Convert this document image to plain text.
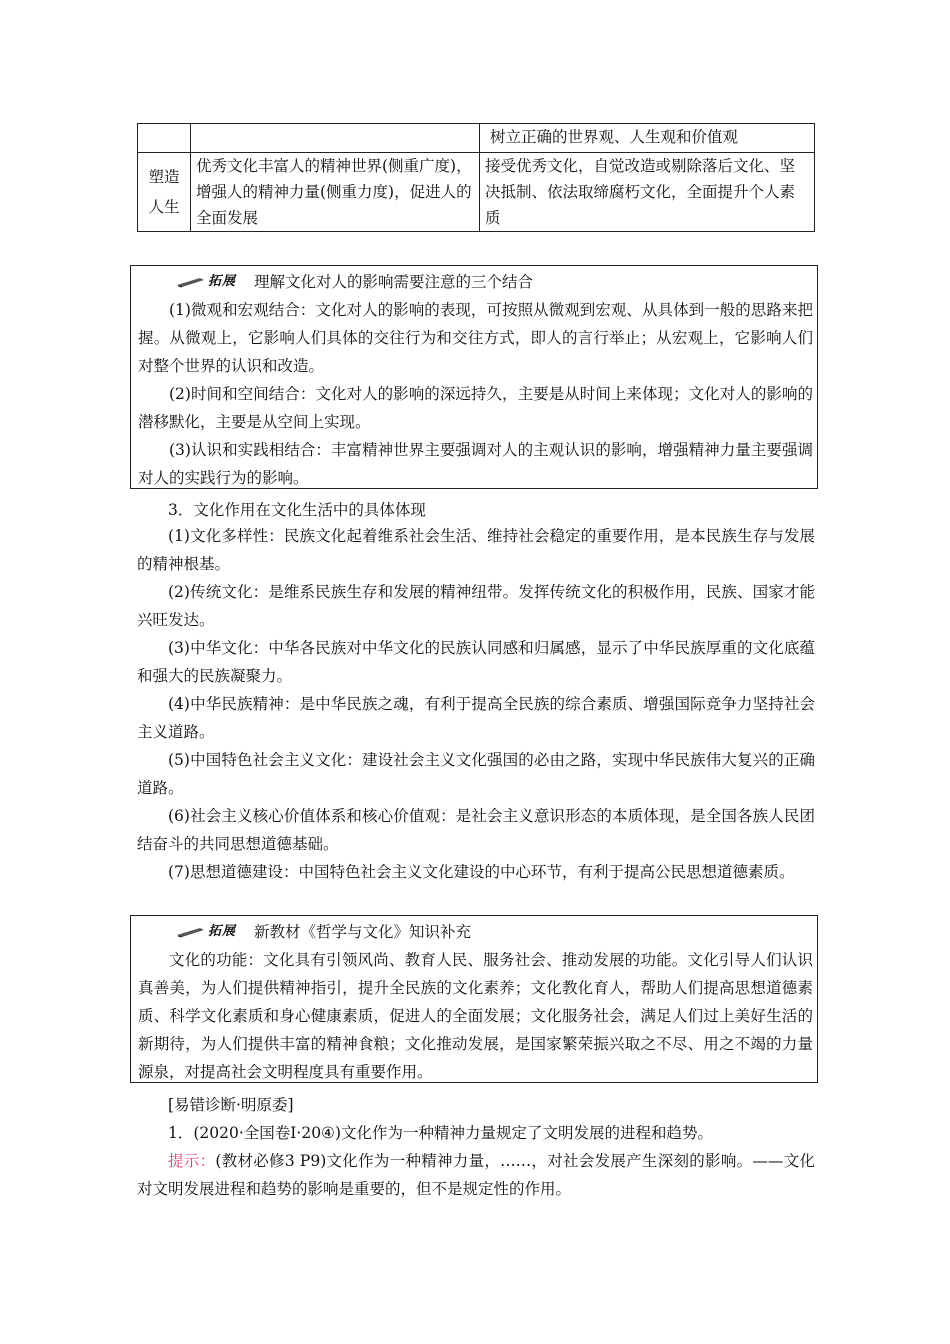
		树立正确的世界观、人生观和价值观
塑造人生	优秀文化丰富人的精神世界(侧重广度)，增强人的精神力量(侧重力度)，促进人的全面发展	接受优秀文化，自觉改造或剔除落后文化、坚决抵制、依法取缔腐朽文化，全面提升个人素质
拓展 理解文化对人的影响需要注意的三个结合

(1)微观和宏观结合：文化对人的影响的表现，可按照从微观到宏观、从具体到一般的思路来把握。从微观上，它影响人们具体的交往行为和交往方式，即人的言行举止；从宏观上，它影响人们对整个世界的认识和改造。

(2)时间和空间结合：文化对人的影响的深远持久，主要是从时间上来体现；文化对人的影响的潜移默化，主要是从空间上实现。

(3)认识和实践相结合：丰富精神世界主要强调对人的主观认识的影响，增强精神力量主要强调对人的实践行为的影响。

3．文化作用在文化生活中的具体体现

(1)文化多样性：民族文化起着维系社会生活、维持社会稳定的重要作用，是本民族生存与发展的精神根基。

(2)传统文化：是维系民族生存和发展的精神纽带。发挥传统文化的积极作用，民族、国家才能兴旺发达。

(3)中华文化：中华各民族对中华文化的民族认同感和归属感，显示了中华民族厚重的文化底蕴和强大的民族凝聚力。

(4)中华民族精神：是中华民族之魂，有利于提高全民族的综合素质、增强国际竞争力坚持社会主义道路。

(5)中国特色社会主义文化：建设社会主义文化强国的必由之路，实现中华民族伟大复兴的正确道路。

(6)社会主义核心价值体系和核心价值观：是社会主义意识形态的本质体现，是全国各族人民团结奋斗的共同思想道德基础。

(7)思想道德建设：中国特色社会主义文化建设的中心环节，有利于提高公民思想道德素质。

拓展 新教材《哲学与文化》知识补充

文化的功能：文化具有引领风尚、教育人民、服务社会、推动发展的功能。文化引导人们认识真善美，为人们提供精神指引，提升全民族的文化素养；文化教化育人，帮助人们提高思想道德素质、科学文化素质和身心健康素质，促进人的全面发展；文化服务社会，满足人们过上美好生活的新期待，为人们提供丰富的精神食粮；文化推动发展，是国家繁荣振兴取之不尽、用之不竭的力量源泉，对提高社会文明程度具有重要作用。

[易错诊断·明原委]

1．(2020·全国卷Ⅰ·20④)文化作为一种精神力量规定了文明发展的进程和趋势。

提示：(教材必修3 P9)文化作为一种精神力量，……，对社会发展产生深刻的影响。——文化对文明发展进程和趋势的影响是重要的，但不是规定性的作用。
